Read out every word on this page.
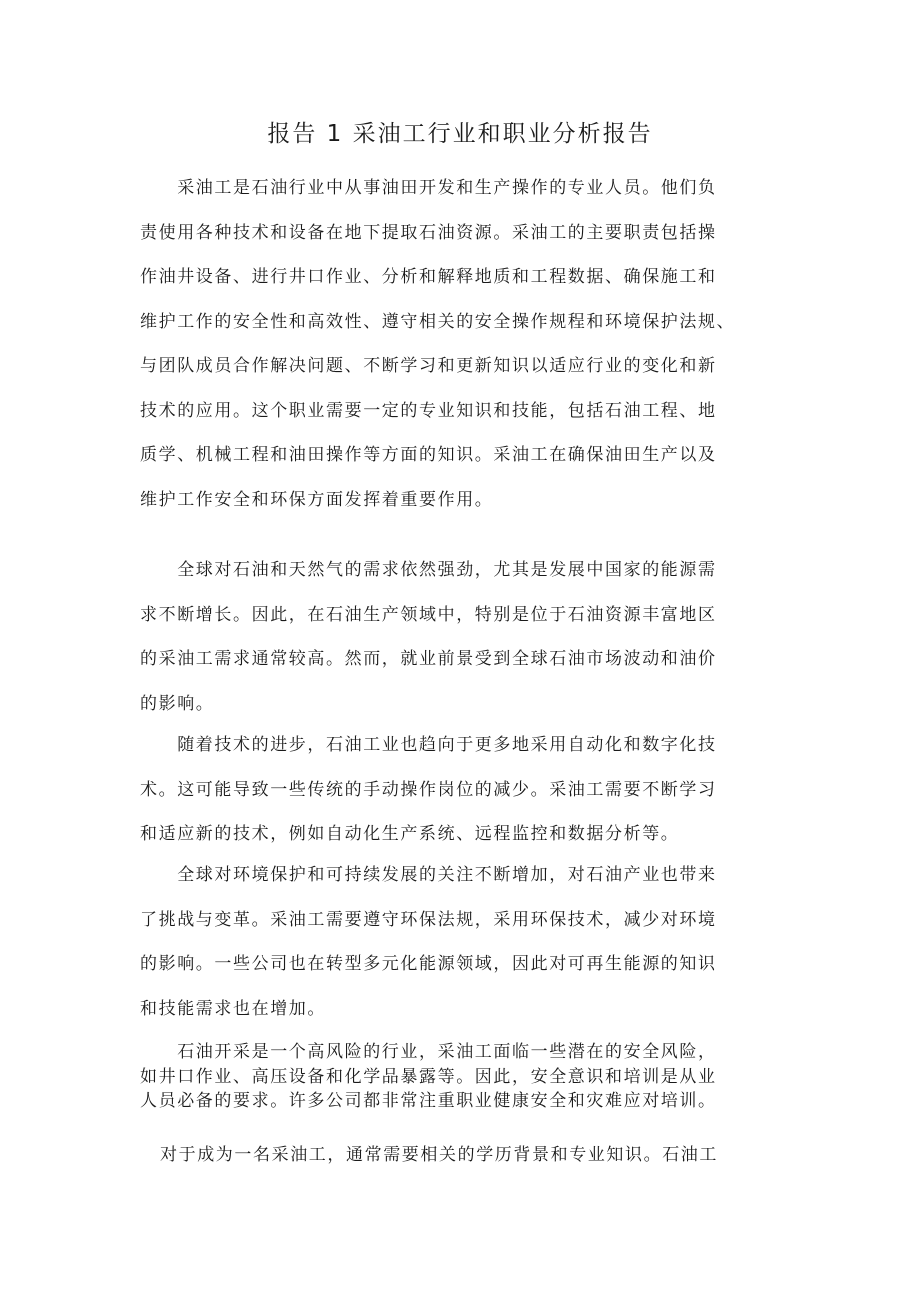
报告 1 采油工行业和职业分析报告
　　采油工是石油行业中从事油田开发和生产操作的专业人员。他们负
责使用各种技术和设备在地下提取石油资源。采油工的主要职责包括操
作油井设备、进行井口作业、分析和解释地质和工程数据、确保施工和
维护工作的安全性和高效性、遵守相关的安全操作规程和环境保护法规、
与团队成员合作解决问题、不断学习和更新知识以适应行业的变化和新
技术的应用。这个职业需要一定的专业知识和技能，包括石油工程、地
质学、机械工程和油田操作等方面的知识。采油工在确保油田生产以及
维护工作安全和环保方面发挥着重要作用。
　　全球对石油和天然气的需求依然强劲，尤其是发展中国家的能源需
求不断增长。因此，在石油生产领域中，特别是位于石油资源丰富地区
的采油工需求通常较高。然而，就业前景受到全球石油市场波动和油价
的影响。
　　随着技术的进步，石油工业也趋向于更多地采用自动化和数字化技
术。这可能导致一些传统的手动操作岗位的减少。采油工需要不断学习
和适应新的技术，例如自动化生产系统、远程监控和数据分析等。
　　全球对环境保护和可持续发展的关注不断增加，对石油产业也带来
了挑战与变革。采油工需要遵守环保法规，采用环保技术，减少对环境
的影响。一些公司也在转型多元化能源领域，因此对可再生能源的知识
和技能需求也在增加。
　　石油开采是一个高风险的行业，采油工面临一些潜在的安全风险，
如井口作业、高压设备和化学品暴露等。因此，安全意识和培训是从业
人员必备的要求。许多公司都非常注重职业健康安全和灾难应对培训。
对于成为一名采油工，通常需要相关的学历背景和专业知识。石油工
